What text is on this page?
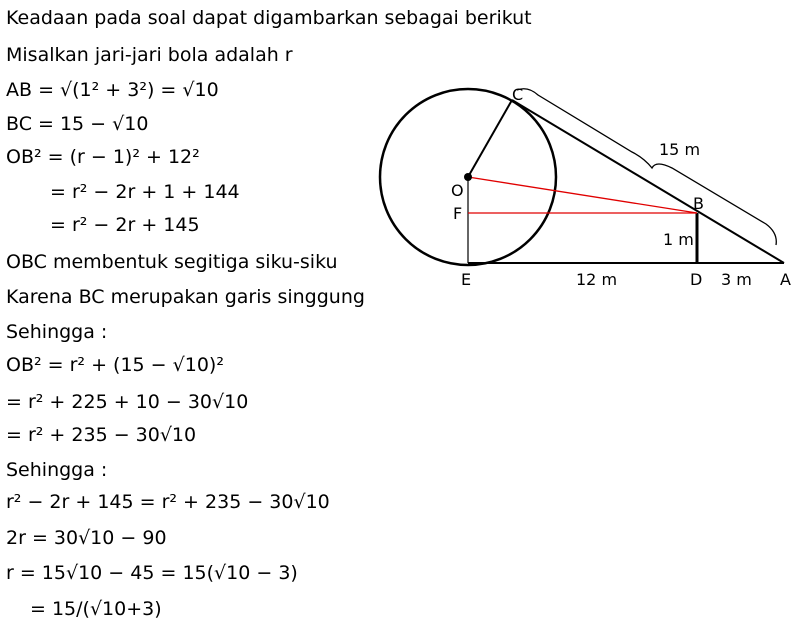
Keadaan pada soal dapat digambarkan sebagai berikut
Misalkan jari-jari bola adalah r
AB = √(1² + 3²) = √10
BC = 15 − √10
OB² = (r − 1)² + 12²
= r² − 2r + 1 + 144
= r² − 2r + 145
OBC membentuk segitiga siku-siku
Karena BC merupakan garis singgung
Sehingga :
OB² = r² + (15 − √10)²
= r² + 225 + 10 − 30√10
= r² + 235 − 30√10
Sehingga :
r² − 2r + 145 = r² + 235 − 30√10
2r = 30√10 − 90
r = 15√10 − 45 = 15(√10 − 3)
= 15/(√10+3)
C
O
F
B
E	D	A
15 m
1 m
12 m	3 m
